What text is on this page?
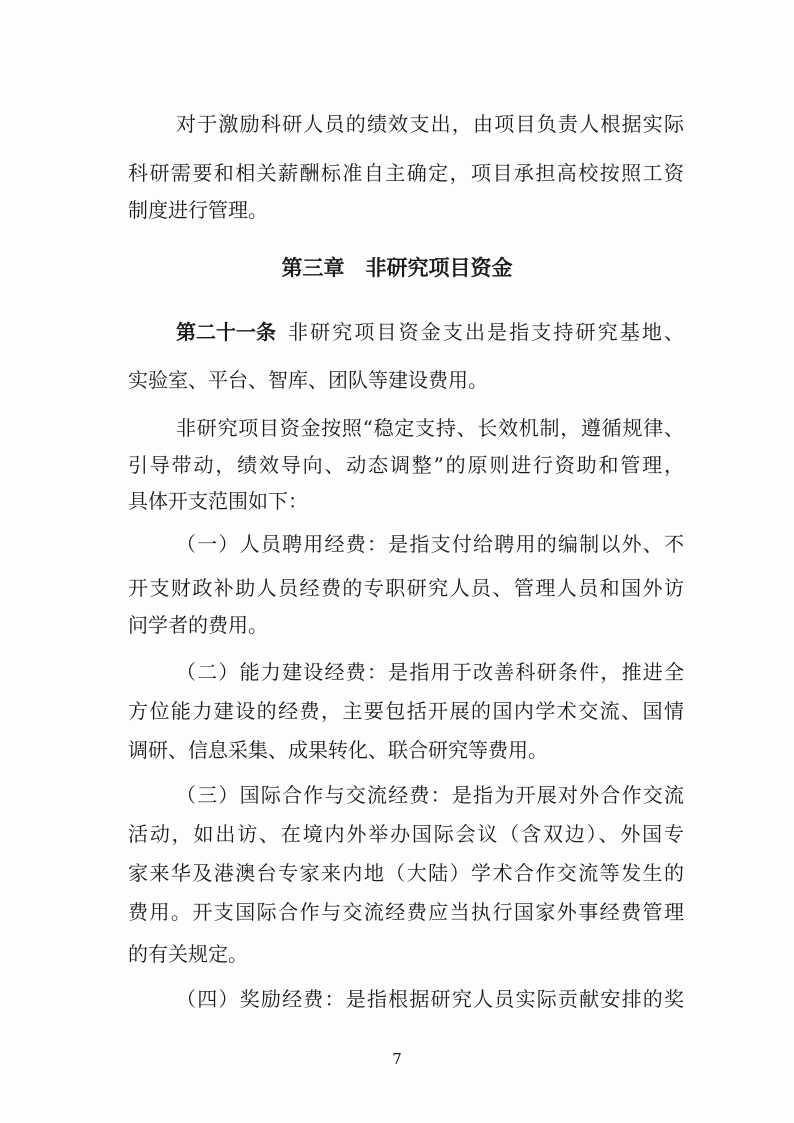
对于激励科研人员的绩效支出，由项目负责人根据实际
科研需要和相关薪酬标准自主确定，项目承担高校按照工资
制度进行管理。
第三章　非研究项目资金
第二十一条 非研究项目资金支出是指支持研究基地、
实验室、平台、智库、团队等建设费用。
非研究项目资金按照“稳定支持、长效机制，遵循规律、
引导带动，绩效导向、动态调整”的原则进行资助和管理，
具体开支范围如下：
（一）人员聘用经费：是指支付给聘用的编制以外、不
开支财政补助人员经费的专职研究人员、管理人员和国外访
问学者的费用。
（二）能力建设经费：是指用于改善科研条件，推进全
方位能力建设的经费，主要包括开展的国内学术交流、国情
调研、信息采集、成果转化、联合研究等费用。
（三）国际合作与交流经费：是指为开展对外合作交流
活动，如出访、在境内外举办国际会议（含双边）、外国专
家来华及港澳台专家来内地（大陆）学术合作交流等发生的
费用。开支国际合作与交流经费应当执行国家外事经费管理
的有关规定。
（四）奖励经费：是指根据研究人员实际贡献安排的奖
7
